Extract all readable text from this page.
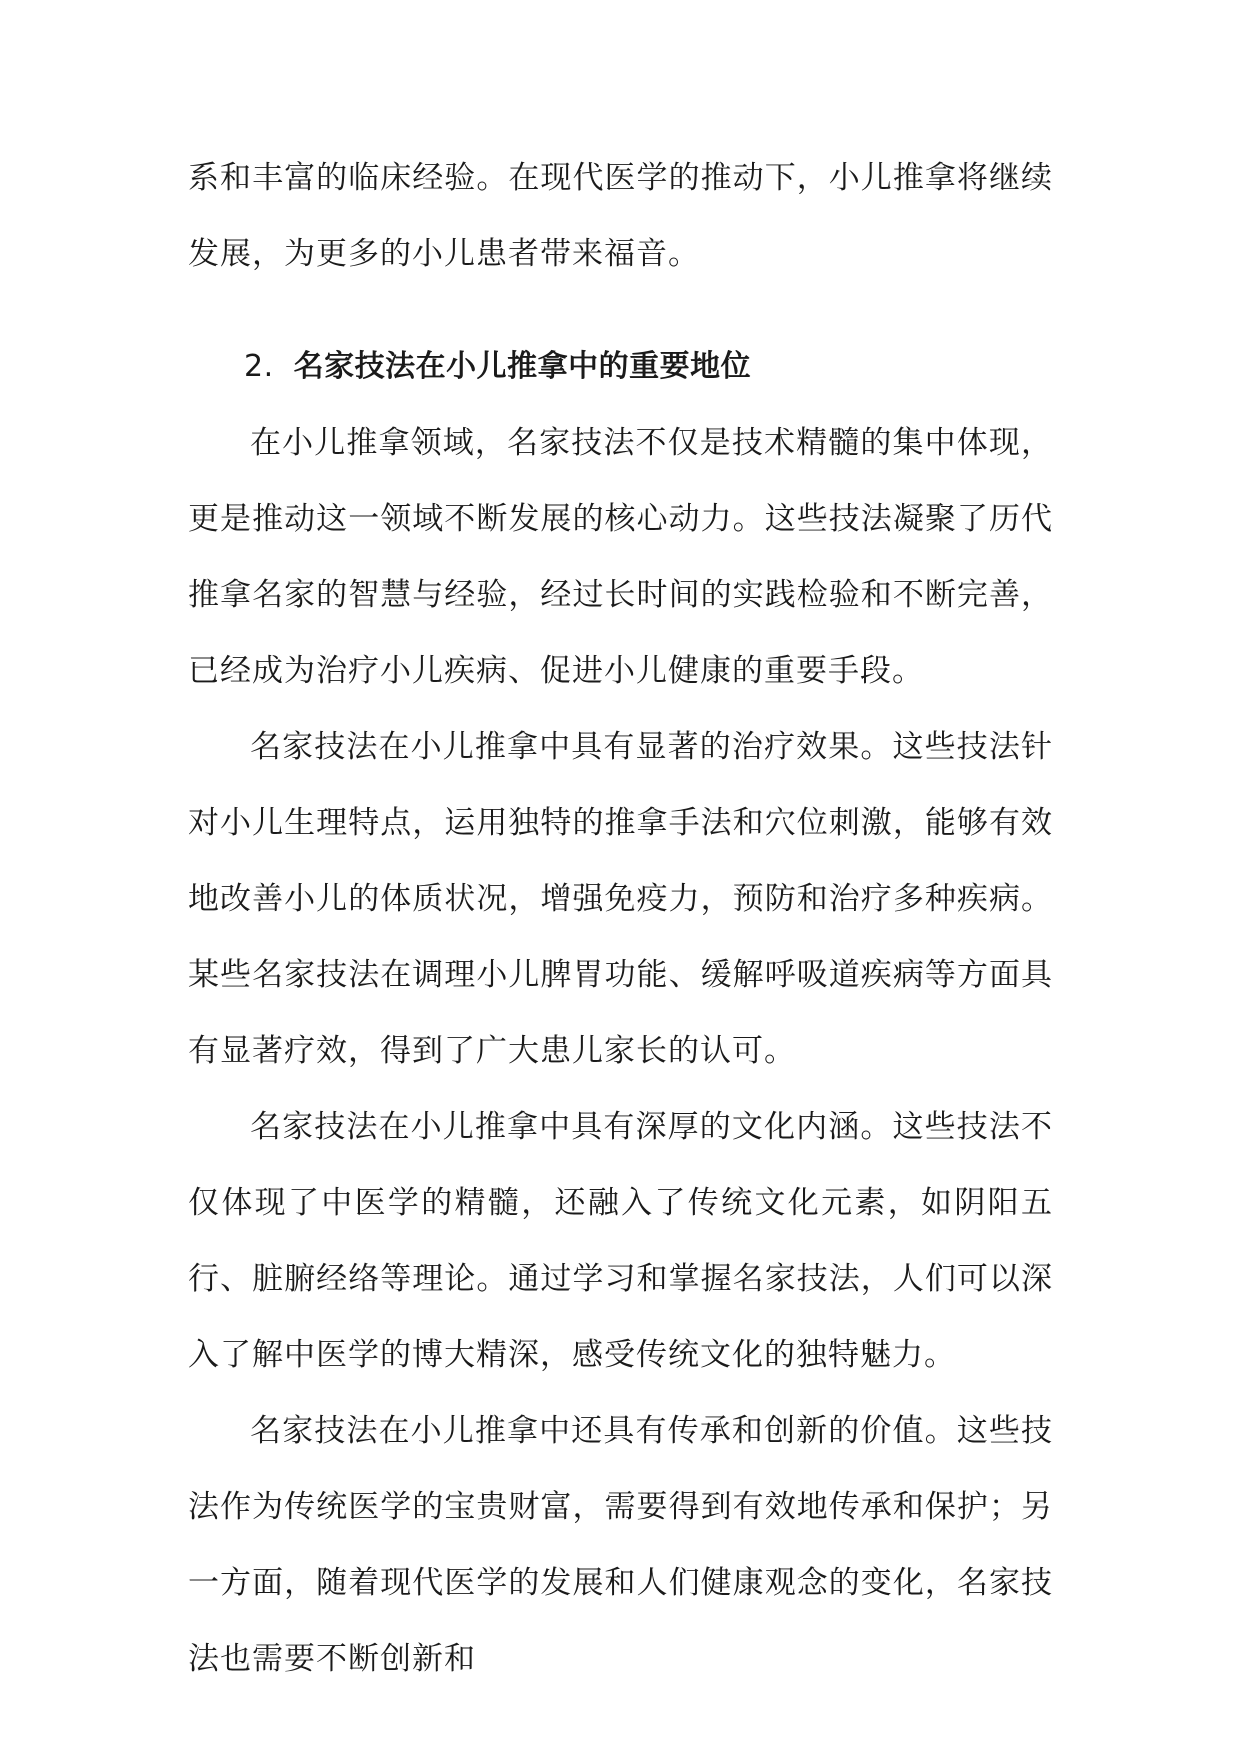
系和丰富的临床经验。在现代医学的推动下，小儿推拿将继续发展，为更多的小儿患者带来福音。

2. 名家技法在小儿推拿中的重要地位

在小儿推拿领域，名家技法不仅是技术精髓的集中体现，更是推动这一领域不断发展的核心动力。这些技法凝聚了历代推拿名家的智慧与经验，经过长时间的实践检验和不断完善，已经成为治疗小儿疾病、促进小儿健康的重要手段。

名家技法在小儿推拿中具有显著的治疗效果。这些技法针对小儿生理特点，运用独特的推拿手法和穴位刺激，能够有效地改善小儿的体质状况，增强免疫力，预防和治疗多种疾病。某些名家技法在调理小儿脾胃功能、缓解呼吸道疾病等方面具有显著疗效，得到了广大患儿家长的认可。

名家技法在小儿推拿中具有深厚的文化内涵。这些技法不仅体现了中医学的精髓，还融入了传统文化元素，如阴阳五行、脏腑经络等理论。通过学习和掌握名家技法，人们可以深入了解中医学的博大精深，感受传统文化的独特魅力。

名家技法在小儿推拿中还具有传承和创新的价值。这些技法作为传统医学的宝贵财富，需要得到有效地传承和保护；另一方面，随着现代医学的发展和人们健康观念的变化，名家技法也需要不断创新和
